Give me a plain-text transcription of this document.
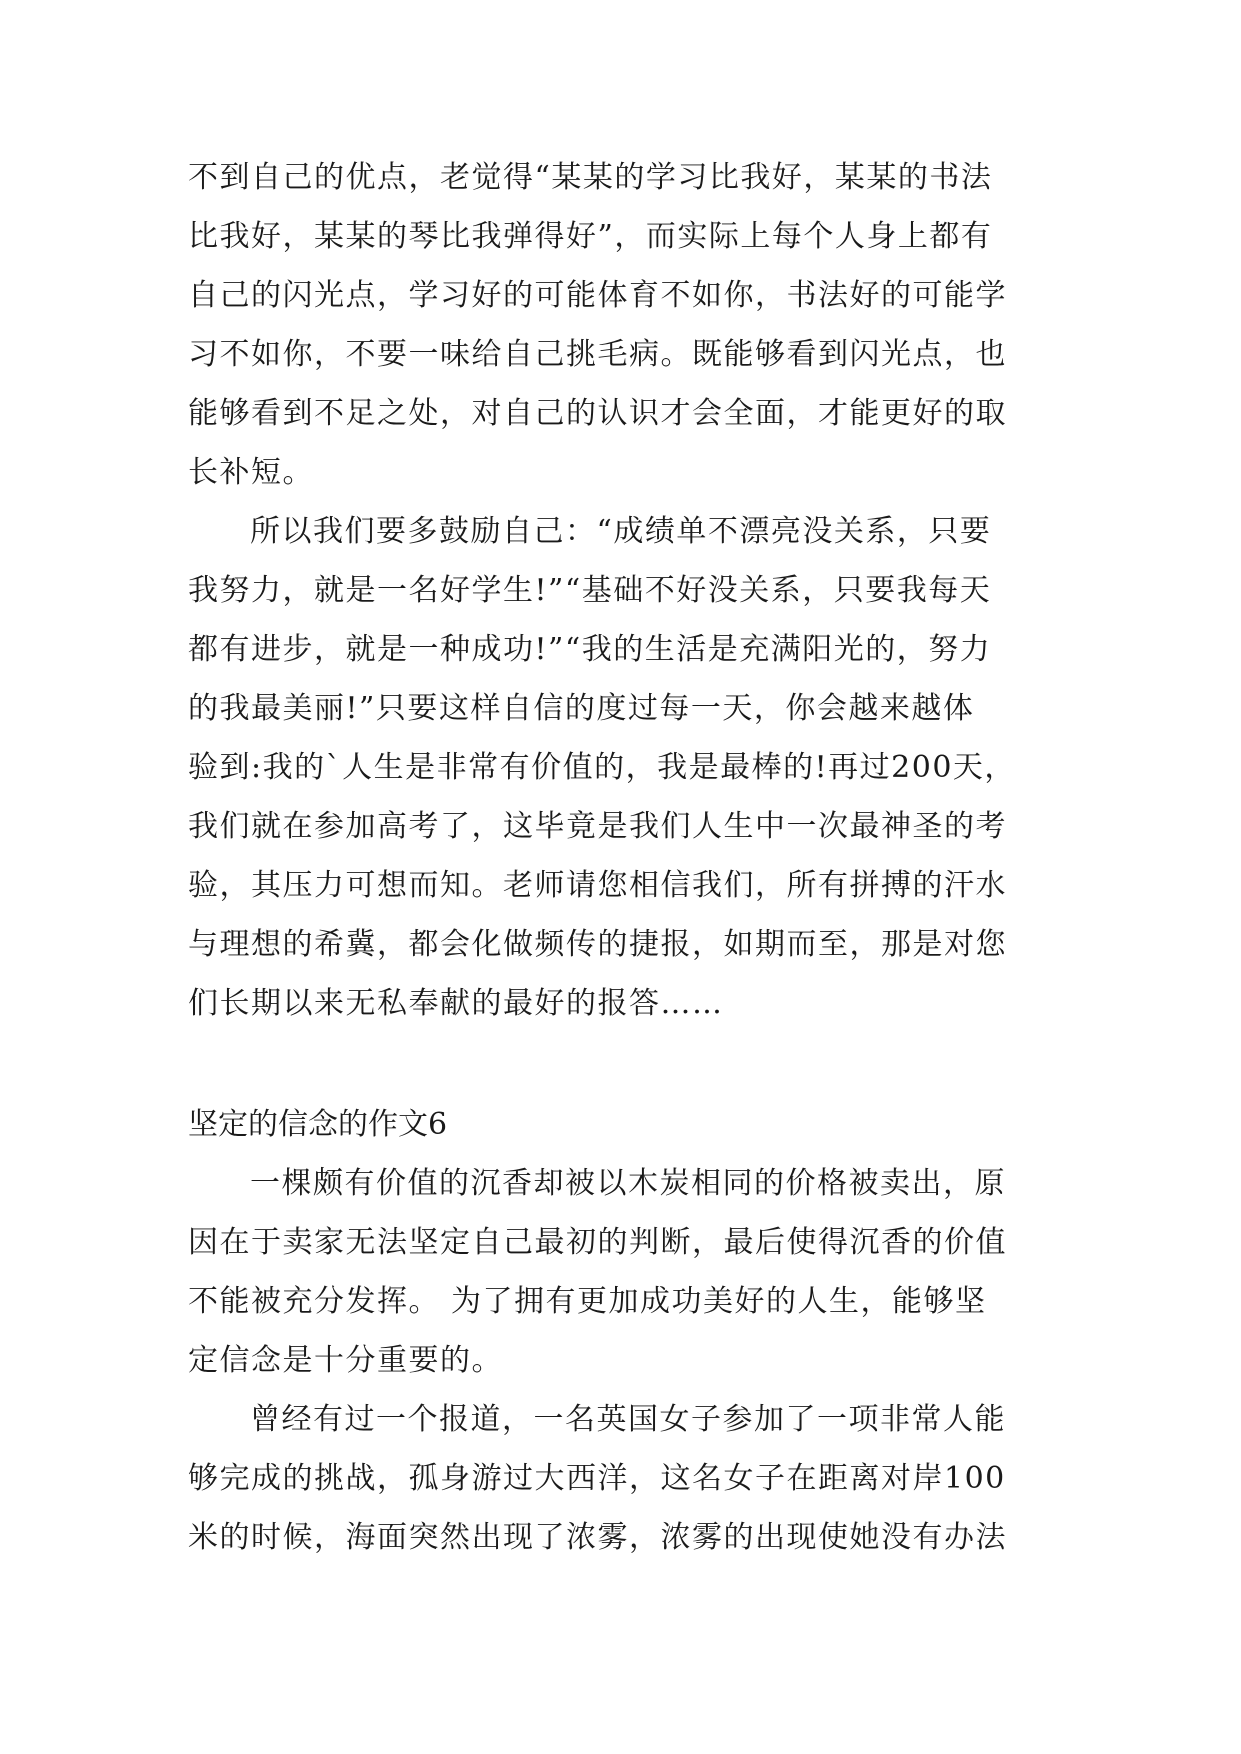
不到自己的优点，老觉得“某某的学习比我好，某某的书法
比我好，某某的琴比我弹得好”，而实际上每个人身上都有
自己的闪光点，学习好的可能体育不如你，书法好的可能学
习不如你，不要一味给自己挑毛病。既能够看到闪光点，也
能够看到不足之处，对自己的认识才会全面，才能更好的取
长补短。
所以我们要多鼓励自己：“成绩单不漂亮没关系，只要
我努力，就是一名好学生!”“基础不好没关系，只要我每天
都有进步，就是一种成功!”“我的生活是充满阳光的，努力
的我最美丽!”只要这样自信的度过每一天，你会越来越体
验到:我的`人生是非常有价值的，我是最棒的!再过200天，
我们就在参加高考了，这毕竟是我们人生中一次最神圣的考
验，其压力可想而知。老师请您相信我们，所有拼搏的汗水
与理想的希冀，都会化做频传的捷报，如期而至，那是对您
们长期以来无私奉献的最好的报答……
坚定的信念的作文6
一棵颇有价值的沉香却被以木炭相同的价格被卖出，原
因在于卖家无法坚定自己最初的判断，最后使得沉香的价值
不能被充分发挥。 为了拥有更加成功美好的人生，能够坚
定信念是十分重要的。
曾经有过一个报道，一名英国女子参加了一项非常人能
够完成的挑战，孤身游过大西洋，这名女子在距离对岸100
米的时候，海面突然出现了浓雾，浓雾的出现使她没有办法
